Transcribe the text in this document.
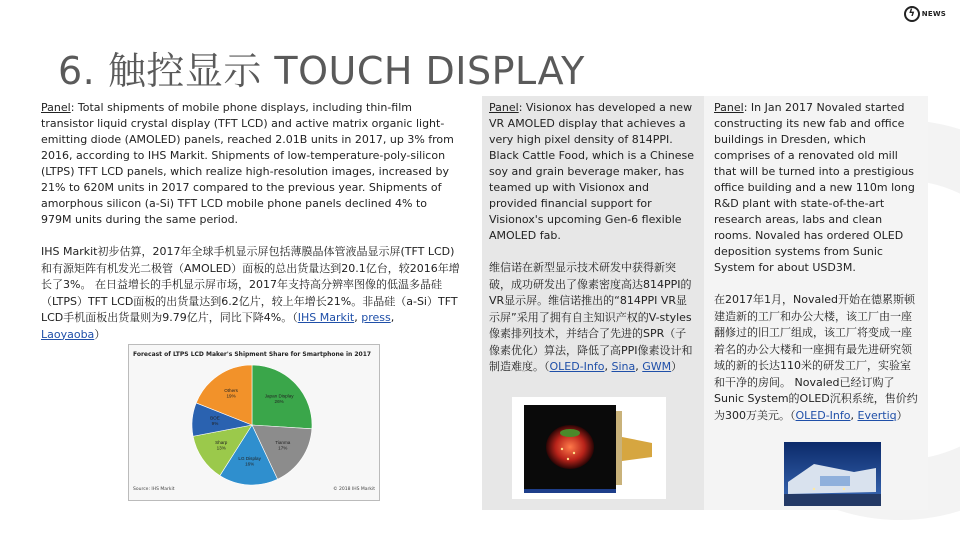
ϟ NEWS
6. 触控显示 TOUCH DISPLAY

Panel: Total shipments of mobile phone displays, including thin-film transistor liquid crystal display (TFT LCD) and active matrix organic light-emitting diode (AMOLED) panels, reached 2.01B units in 2017, up 3% from 2016, according to IHS Markit. Shipments of low-temperature-poly-silicon (LTPS) TFT LCD panels, which realize high-resolution images, increased by 21% to 620M units in 2017 compared to the previous year. Shipments of amorphous silicon (a-Si) TFT LCD mobile phone panels declined 4% to 979M units during the same period.

IHS Markit初步估算，2017年全球手机显示屏包括薄膜晶体管液晶显示屏(TFT LCD)和有源矩阵有机发光二极管（AMOLED）面板的总出货量达到20.1亿台，较2016年增长了3%。 在日益增长的手机显示屏市场，2017年支持高分辨率图像的低温多晶硅（LTPS）TFT LCD面板的出货量达到6.2亿片，较上年增长21%。非晶硅（a-Si）TFT LCD手机面板出货量则为9.79亿片，同比下降4%。（IHS Markit, press, Laoyaoba）

Forecast of LTPS LCD Maker's Shipment Share for Smartphone in 2017
Japan Display 26%
Tianma 17%
LG Display 16%
Sharp 13%
BOE 9%
Others 19%
Source: IHS Markit	© 2018 IHS Markit

Panel: Visionox has developed a new VR AMOLED display that achieves a very high pixel density of 814PPI. Black Cattle Food, which is a Chinese soy and grain beverage maker, has teamed up with Visionox and provided financial support for Visionox's upcoming Gen-6 flexible AMOLED fab.

维信诺在新型显示技术研发中获得新突破，成功研发出了像素密度高达814PPI的VR显示屏。维信诺推出的“814PPI VR显示屏”采用了拥有自主知识产权的V-styles像素排列技术，并结合了先进的SPR（子像素优化）算法，降低了高PPI像素设计和制造难度。（OLED-Info, Sina, GWM）

Panel: In Jan 2017 Novaled started constructing its new fab and office buildings in Dresden, which comprises of a renovated old mill that will be turned into a prestigious office building and a new 110m long R&D plant with state-of-the-art research areas, labs and clean rooms. Novaled has ordered OLED deposition systems from Sunic System for about USD3M.

在2017年1月，Novaled开始在德累斯顿建造新的工厂和办公大楼，该工厂由一座翻修过的旧工厂组成，该工厂将变成一座着名的办公大楼和一座拥有最先进研究领域的新的长达110米的研发工厂，实验室 和干净的房间。 Novaled已经订购了Sunic System的OLED沉积系统，售价约为300万美元。（OLED-Info, Evertiq）
